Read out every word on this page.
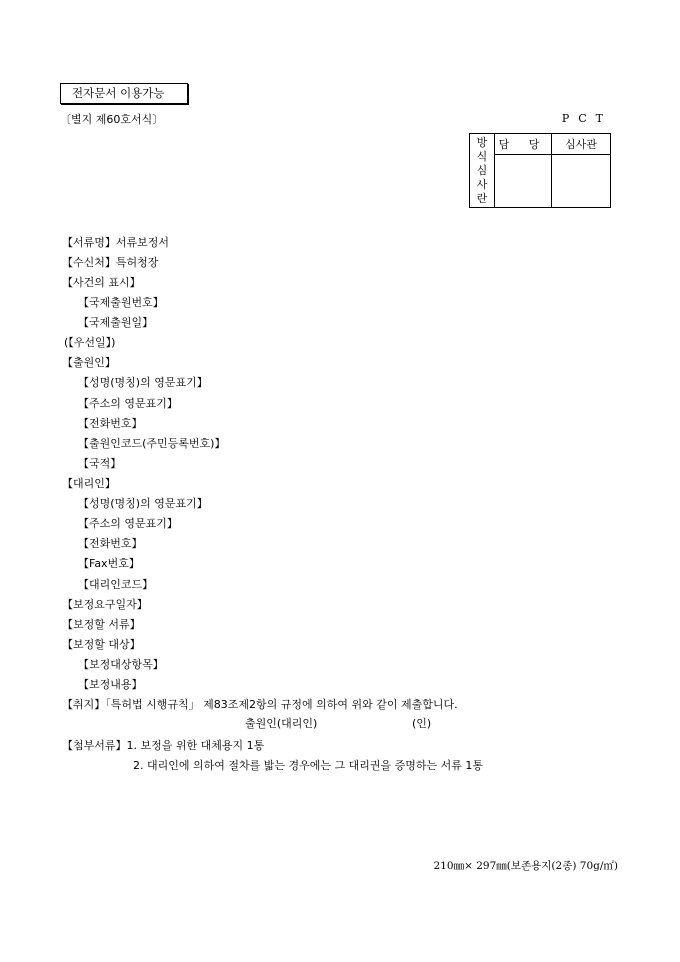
전자문서 이용가능
〔별지 제60호서식〕	PCT
방
식
심
사
란	담 당	심사관

【서류명】서류보정서
【수신처】특허청장
【사건의 표시】
【국제출원번호】
【국제출원일】
(【우선일】)
【출원인】
【성명(명칭)의 영문표기】
【주소의 영문표기】
【전화번호】
【출원인코드(주민등록번호)】
【국적】
【대리인】
【성명(명칭)의 영문표기】
【주소의 영문표기】
【전화번호】
【Fax번호】
【대리인코드】
【보정요구일자】
【보정할 서류】
【보정할 대상】
【보정대상항목】
【보정내용】
【취지】「특허법 시행규칙」 제83조제2항의 규정에 의하여 위와 같이 제출합니다.
출원인(대리인)	(인)
【첨부서류】1. 보정을 위한 대체용지 1통
2. 대리인에 의하여 절차를 밟는 경우에는 그 대리권을 증명하는 서류 1통
210㎜× 297㎜(보존용지(2종) 70g/㎡)
